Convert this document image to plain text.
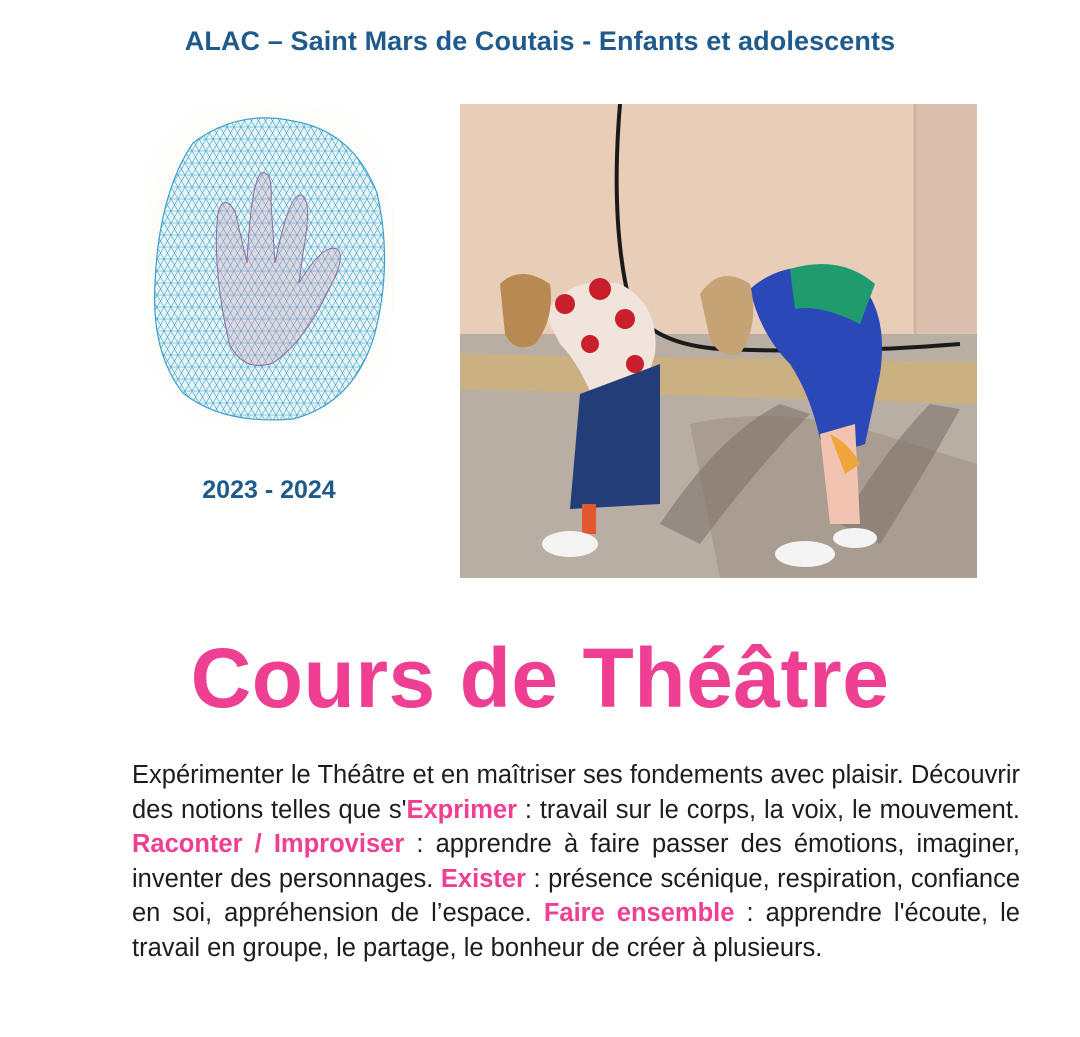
ALAC – Saint Mars de Coutais - Enfants et adolescents
2023 - 2024
Cours de Théâtre
Expérimenter le Théâtre et en maîtriser ses fondements avec plaisir. Découvrir des notions telles que s'Exprimer : travail sur le corps, la voix, le mouvement. Raconter / Improviser : apprendre à faire passer des émotions, imaginer, inventer des personnages. Exister : présence scénique, respiration, confiance en soi, appréhension de l’espace. Faire ensemble : apprendre l'écoute, le travail en groupe, le partage, le bonheur de créer à plusieurs.
